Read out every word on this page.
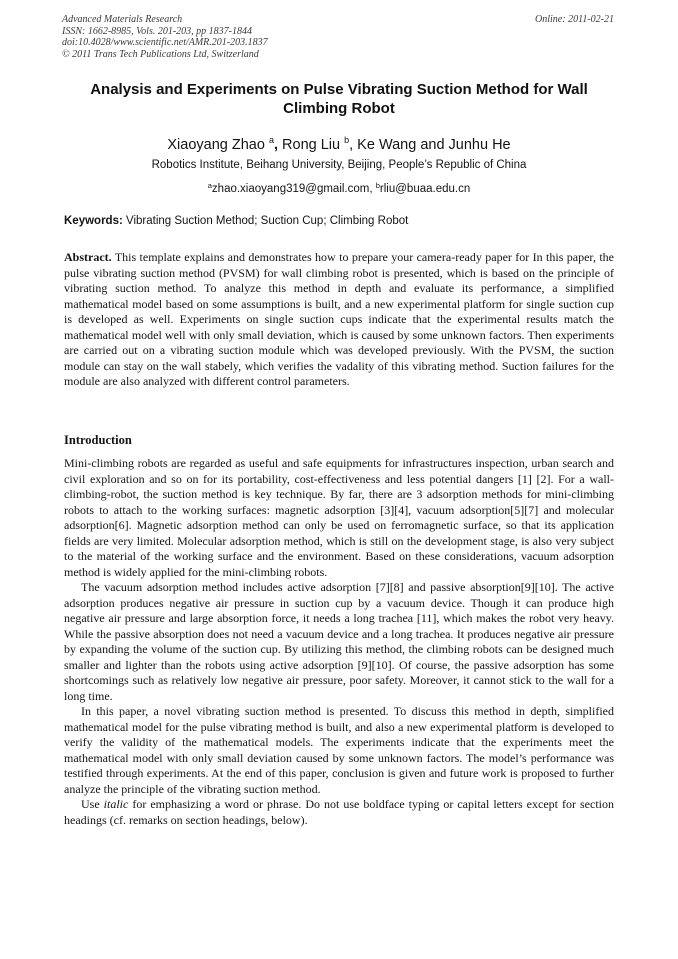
Advanced Materials Research
ISSN: 1662-8985, Vols. 201-203, pp 1837-1844
doi:10.4028/www.scientific.net/AMR.201-203.1837
© 2011 Trans Tech Publications Ltd, Switzerland
Online: 2011-02-21
Analysis and Experiments on Pulse Vibrating Suction Method for Wall Climbing Robot
Xiaoyang Zhao $^a$, Rong Liu $^b$, Ke Wang and Junhu He
Robotics Institute, Beihang University, Beijing, People’s Republic of China
$^a$zhao.xiaoyang319@gmail.com, $^b$rliu@buaa.edu.cn
Keywords: Vibrating Suction Method; Suction Cup; Climbing Robot
Abstract. This template explains and demonstrates how to prepare your camera-ready paper for In this paper, the pulse vibrating suction method (PVSM) for wall climbing robot is presented, which is based on the principle of vibrating suction method. To analyze this method in depth and evaluate its performance, a simplified mathematical model based on some assumptions is built, and a new experimental platform for single suction cup is developed as well. Experiments on single suction cups indicate that the experimental results match the mathematical model well with only small deviation, which is caused by some unknown factors. Then experiments are carried out on a vibrating suction module which was developed previously. With the PVSM, the suction module can stay on the wall stabely, which verifies the vadality of this vibrating method. Suction failures for the module are also analyzed with different control parameters.
Introduction

Mini-climbing robots are regarded as useful and safe equipments for infrastructures inspection, urban search and civil exploration and so on for its portability, cost-effectiveness and less potential dangers [1] [2]. For a wall-climbing-robot, the suction method is key technique. By far, there are 3 adsorption methods for mini-climbing robots to attach to the working surfaces: magnetic adsorption [3][4], vacuum adsorption[5][7] and molecular adsorption[6]. Magnetic adsorption method can only be used on ferromagnetic surface, so that its application fields are very limited. Molecular adsorption method, which is still on the development stage, is also very subject to the material of the working surface and the environment. Based on these considerations, vacuum adsorption method is widely applied for the mini-climbing robots.

The vacuum adsorption method includes active adsorption [7][8] and passive absorption[9][10]. The active adsorption produces negative air pressure in suction cup by a vacuum device. Though it can produce high negative air pressure and large absorption force, it needs a long trachea [11], which makes the robot very heavy. While the passive absorption does not need a vacuum device and a long trachea. It produces negative air pressure by expanding the volume of the suction cup. By utilizing this method, the climbing robots can be designed much smaller and lighter than the robots using active adsorption [9][10]. Of course, the passive adsorption has some shortcomings such as relatively low negative air pressure, poor safety. Moreover, it cannot stick to the wall for a long time.

In this paper, a novel vibrating suction method is presented. To discuss this method in depth, simplified mathematical model for the pulse vibrating method is built, and also a new experimental platform is developed to verify the validity of the mathematical models. The experiments indicate that the experiments meet the mathematical model with only small deviation caused by some unknown factors. The model’s performance was testified through experiments. At the end of this paper, conclusion is given and future work is proposed to further analyze the principle of the vibrating suction method.

Use italic for emphasizing a word or phrase. Do not use boldface typing or capital letters except for section headings (cf. remarks on section headings, below).
